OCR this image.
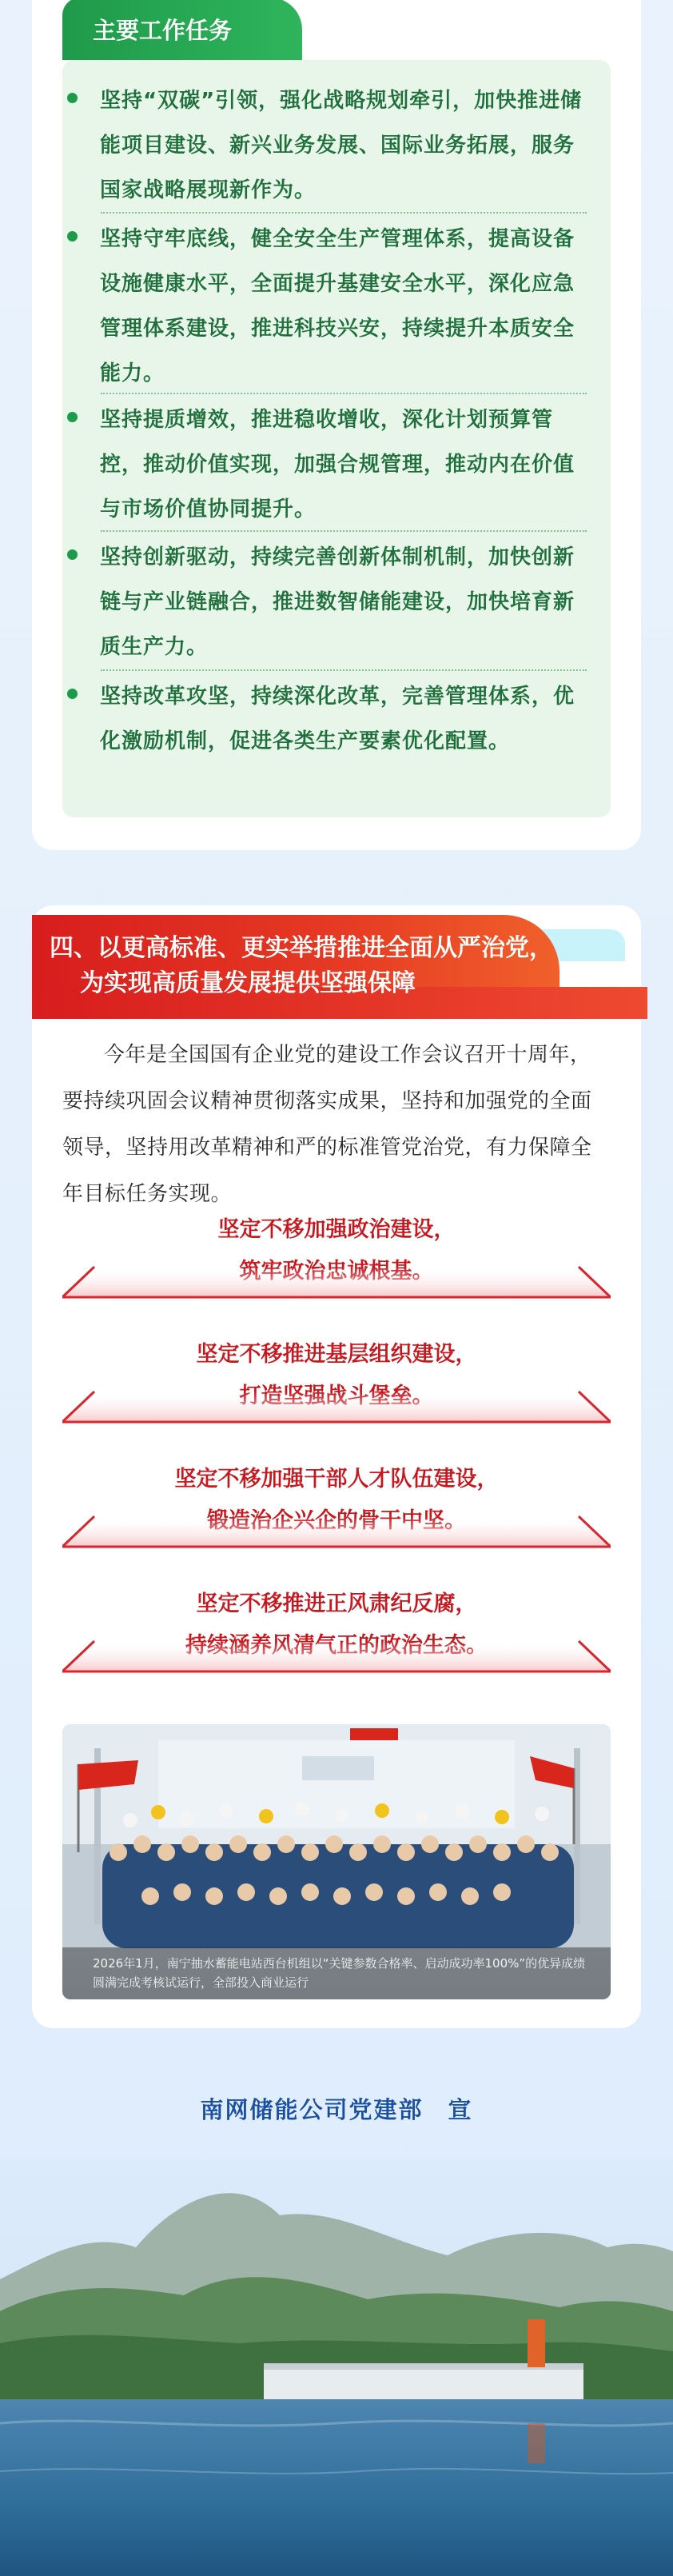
主要工作任务
坚持“双碳”引领，强化战略规划牵引，加快推进储能项目建设、新兴业务发展、国际业务拓展，服务国家战略展现新作为。
坚持守牢底线，健全安全生产管理体系，提高设备设施健康水平，全面提升基建安全水平，深化应急管理体系建设，推进科技兴安，持续提升本质安全能力。
坚持提质增效，推进稳收增收，深化计划预算管控，推动价值实现，加强合规管理，推动内在价值与市场价值协同提升。
坚持创新驱动，持续完善创新体制机制，加快创新链与产业链融合，推进数智储能建设，加快培育新质生产力。
坚持改革攻坚，持续深化改革，完善管理体系，优化激励机制，促进各类生产要素优化配置。
四、以更高标准、更实举措推进全面从严治党，
为实现高质量发展提供坚强保障
今年是全国国有企业党的建设工作会议召开十周年，要持续巩固会议精神贯彻落实成果，坚持和加强党的全面领导，坚持用改革精神和严的标准管党治党，有力保障全年目标任务实现。
坚定不移加强政治建设，
坚定不移推进基层组织建设，
坚定不移加强干部人才队伍建设，
坚定不移推进正风肃纪反腐，
2026年1月，南宁抽水蓄能电站西台机组以“关键参数合格率、启动成功率100%”的优异成绩圆满完成考核试运行，全部投入商业运行
南网储能公司党建部　宣
